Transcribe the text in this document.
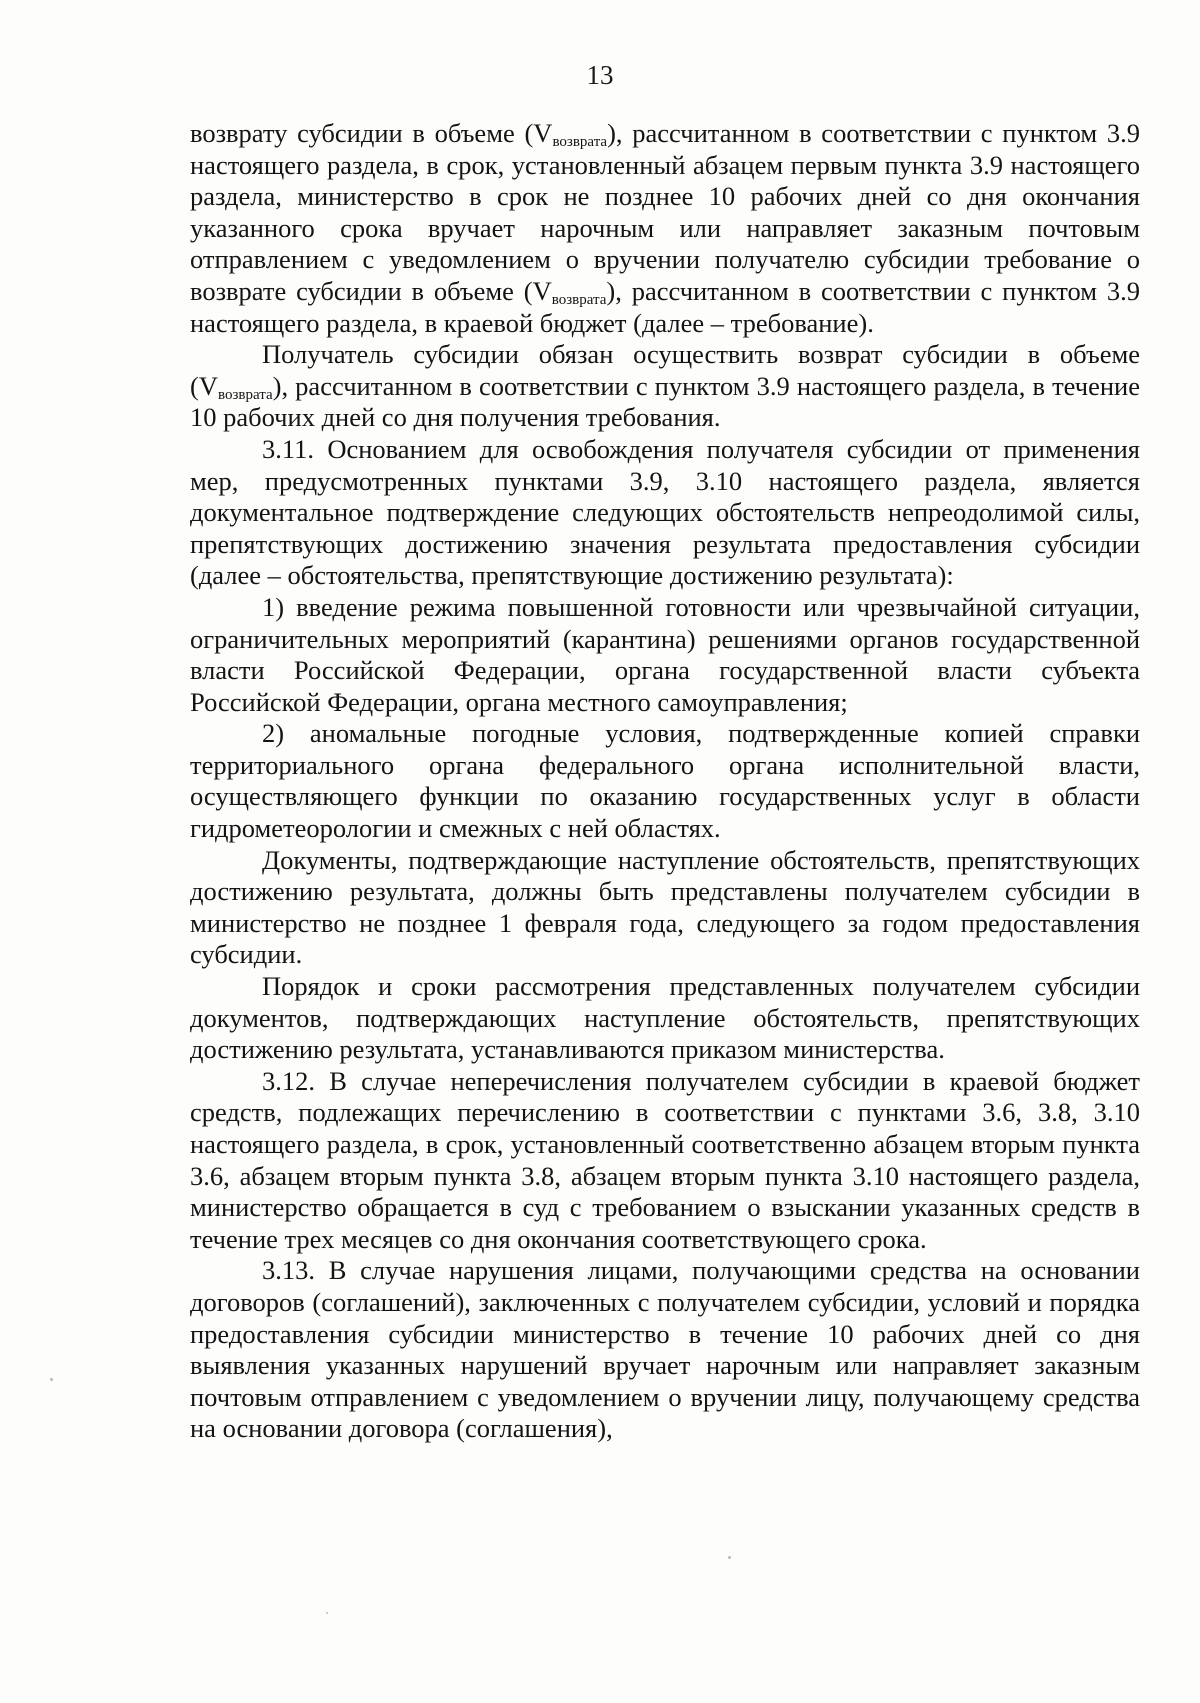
13

возврату субсидии в объеме $(V_{возврата})$, рассчитанном в соответствии с пунктом 3.9 настоящего раздела, в срок, установленный абзацем первым пункта 3.9 настоящего раздела, министерство в срок не позднее 10 рабочих дней со дня окончания указанного срока вручает нарочным или направляет заказным почтовым отправлением с уведомлением о вручении получателю субсидии требование о возврате субсидии в объеме $(V_{возврата})$, рассчитанном в соответствии с пунктом 3.9 настоящего раздела, в краевой бюджет (далее – требование).

Получатель субсидии обязан осуществить возврат субсидии в объеме $(V_{возврата})$, рассчитанном в соответствии с пунктом 3.9 настоящего раздела, в течение 10 рабочих дней со дня получения требования.

3.11. Основанием для освобождения получателя субсидии от применения мер, предусмотренных пунктами 3.9, 3.10 настоящего раздела, является документальное подтверждение следующих обстоятельств непреодолимой силы, препятствующих достижению значения результата предоставления субсидии (далее – обстоятельства, препятствующие достижению результата):

1) введение режима повышенной готовности или чрезвычайной ситуации, ограничительных мероприятий (карантина) решениями органов государственной власти Российской Федерации, органа государственной власти субъекта Российской Федерации, органа местного самоуправления;

2) аномальные погодные условия, подтвержденные копией справки территориального органа федерального органа исполнительной власти, осуществляющего функции по оказанию государственных услуг в области гидрометеорологии и смежных с ней областях.

Документы, подтверждающие наступление обстоятельств, препятствующих достижению результата, должны быть представлены получателем субсидии в министерство не позднее 1 февраля года, следующего за годом предоставления субсидии.

Порядок и сроки рассмотрения представленных получателем субсидии документов, подтверждающих наступление обстоятельств, препятствующих достижению результата, устанавливаются приказом министерства.

3.12. В случае неперечисления получателем субсидии в краевой бюджет средств, подлежащих перечислению в соответствии с пунктами 3.6, 3.8, 3.10 настоящего раздела, в срок, установленный соответственно абзацем вторым пункта 3.6, абзацем вторым пункта 3.8, абзацем вторым пункта 3.10 настоящего раздела, министерство обращается в суд с требованием о взыскании указанных средств в течение трех месяцев со дня окончания соответствующего срока.

3.13. В случае нарушения лицами, получающими средства на основании договоров (соглашений), заключенных с получателем субсидии, условий и порядка предоставления субсидии министерство в течение 10 рабочих дней со дня выявления указанных нарушений вручает нарочным или направляет заказным почтовым отправлением с уведомлением о вручении лицу, получающему средства на основании договора (соглашения),
